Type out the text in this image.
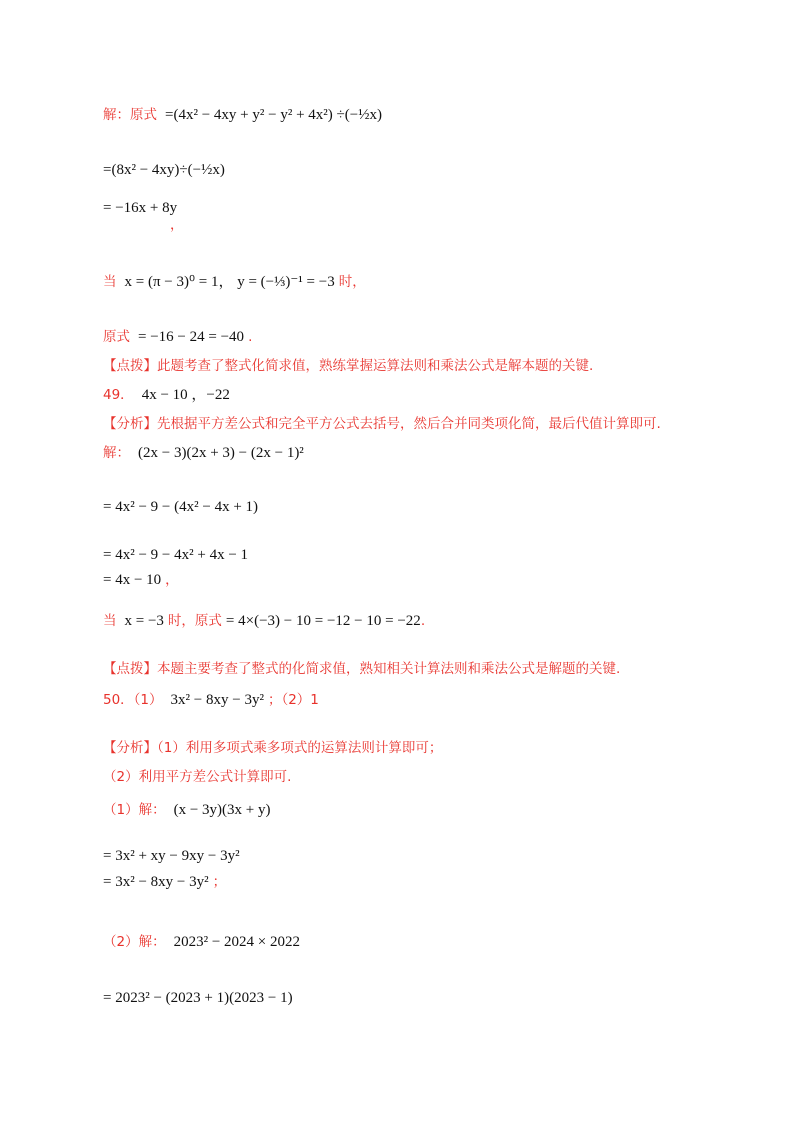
解：原式 =(4x² − 4xy + y² − y² + 4x²) ÷(−½x)
=(8x² − 4xy)÷(−½x)
= −16x + 8y
，
当 x = (π − 3)⁰ = 1， y = (−⅓)⁻¹ = −3 时，
原式 = −16 − 24 = −40 .
【点拨】此题考查了整式化简求值，熟练掌握运算法则和乘法公式是解本题的关键.
49． 4x − 10 ，−22
【分析】先根据平方差公式和完全平方公式去括号，然后合并同类项化简，最后代值计算即可.
解： (2x − 3)(2x + 3) − (2x − 1)²
= 4x² − 9 − (4x² − 4x + 1)
= 4x² − 9 − 4x² + 4x − 1
= 4x − 10 ，
当 x = −3 时，原式 = 4×(−3) − 10 = −12 − 10 = −22.
【点拨】本题主要考查了整式的化简求值，熟知相关计算法则和乘法公式是解题的关键.
50．（1） 3x² − 8xy − 3y² ；（2）1
【分析】（1）利用多项式乘多项式的运算法则计算即可；
（2）利用平方差公式计算即可.
（1）解： (x − 3y)(3x + y)
= 3x² + xy − 9xy − 3y²
= 3x² − 8xy − 3y² ；
（2）解： 2023² − 2024 × 2022
= 2023² − (2023 + 1)(2023 − 1)
